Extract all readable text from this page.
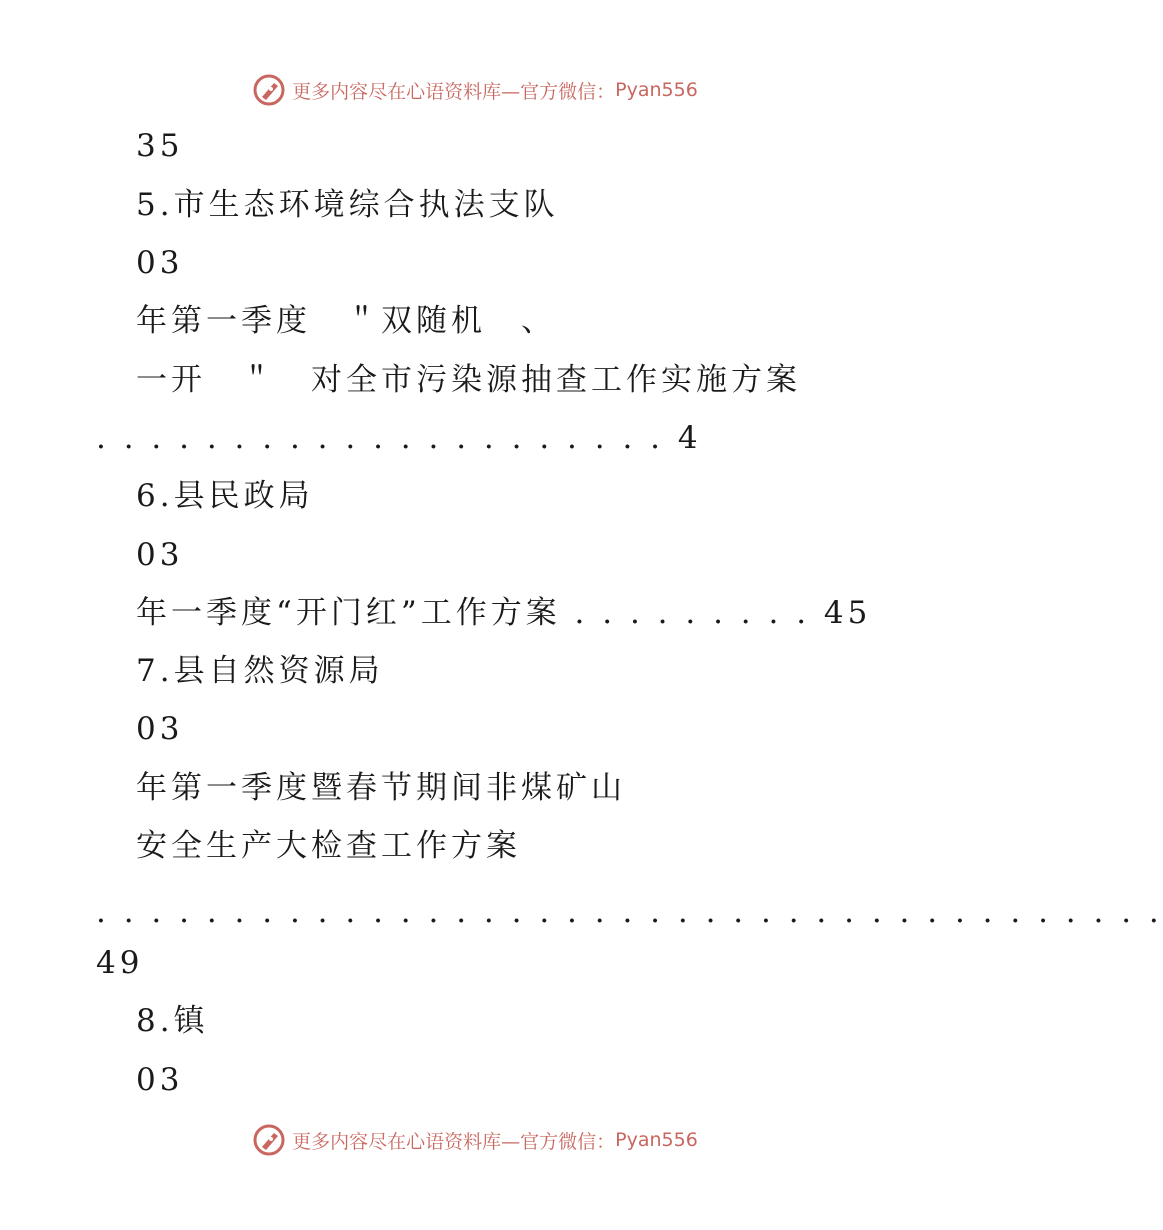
更多内容尽在心语资料库—官方微信： Pyan556
35
5.市生态环境综合执法支队
03
年第一季度　＂双随机　、
一开　＂　对全市污染源抽查工作实施方案
. . . . . . . . . . . . . . . . . . . . . 4
6.县民政局
03
年一季度“开门红”工作方案 . . . . . . . . . 45
7.县自然资源局
03
年第一季度暨春节期间非煤矿山
安全生产大检查工作方案
. . . . . . . . . . . . . . . . . . . . . . . . . . . . . . . . . . . . . . .
49
8.镇
03
更多内容尽在心语资料库—官方微信： Pyan556
